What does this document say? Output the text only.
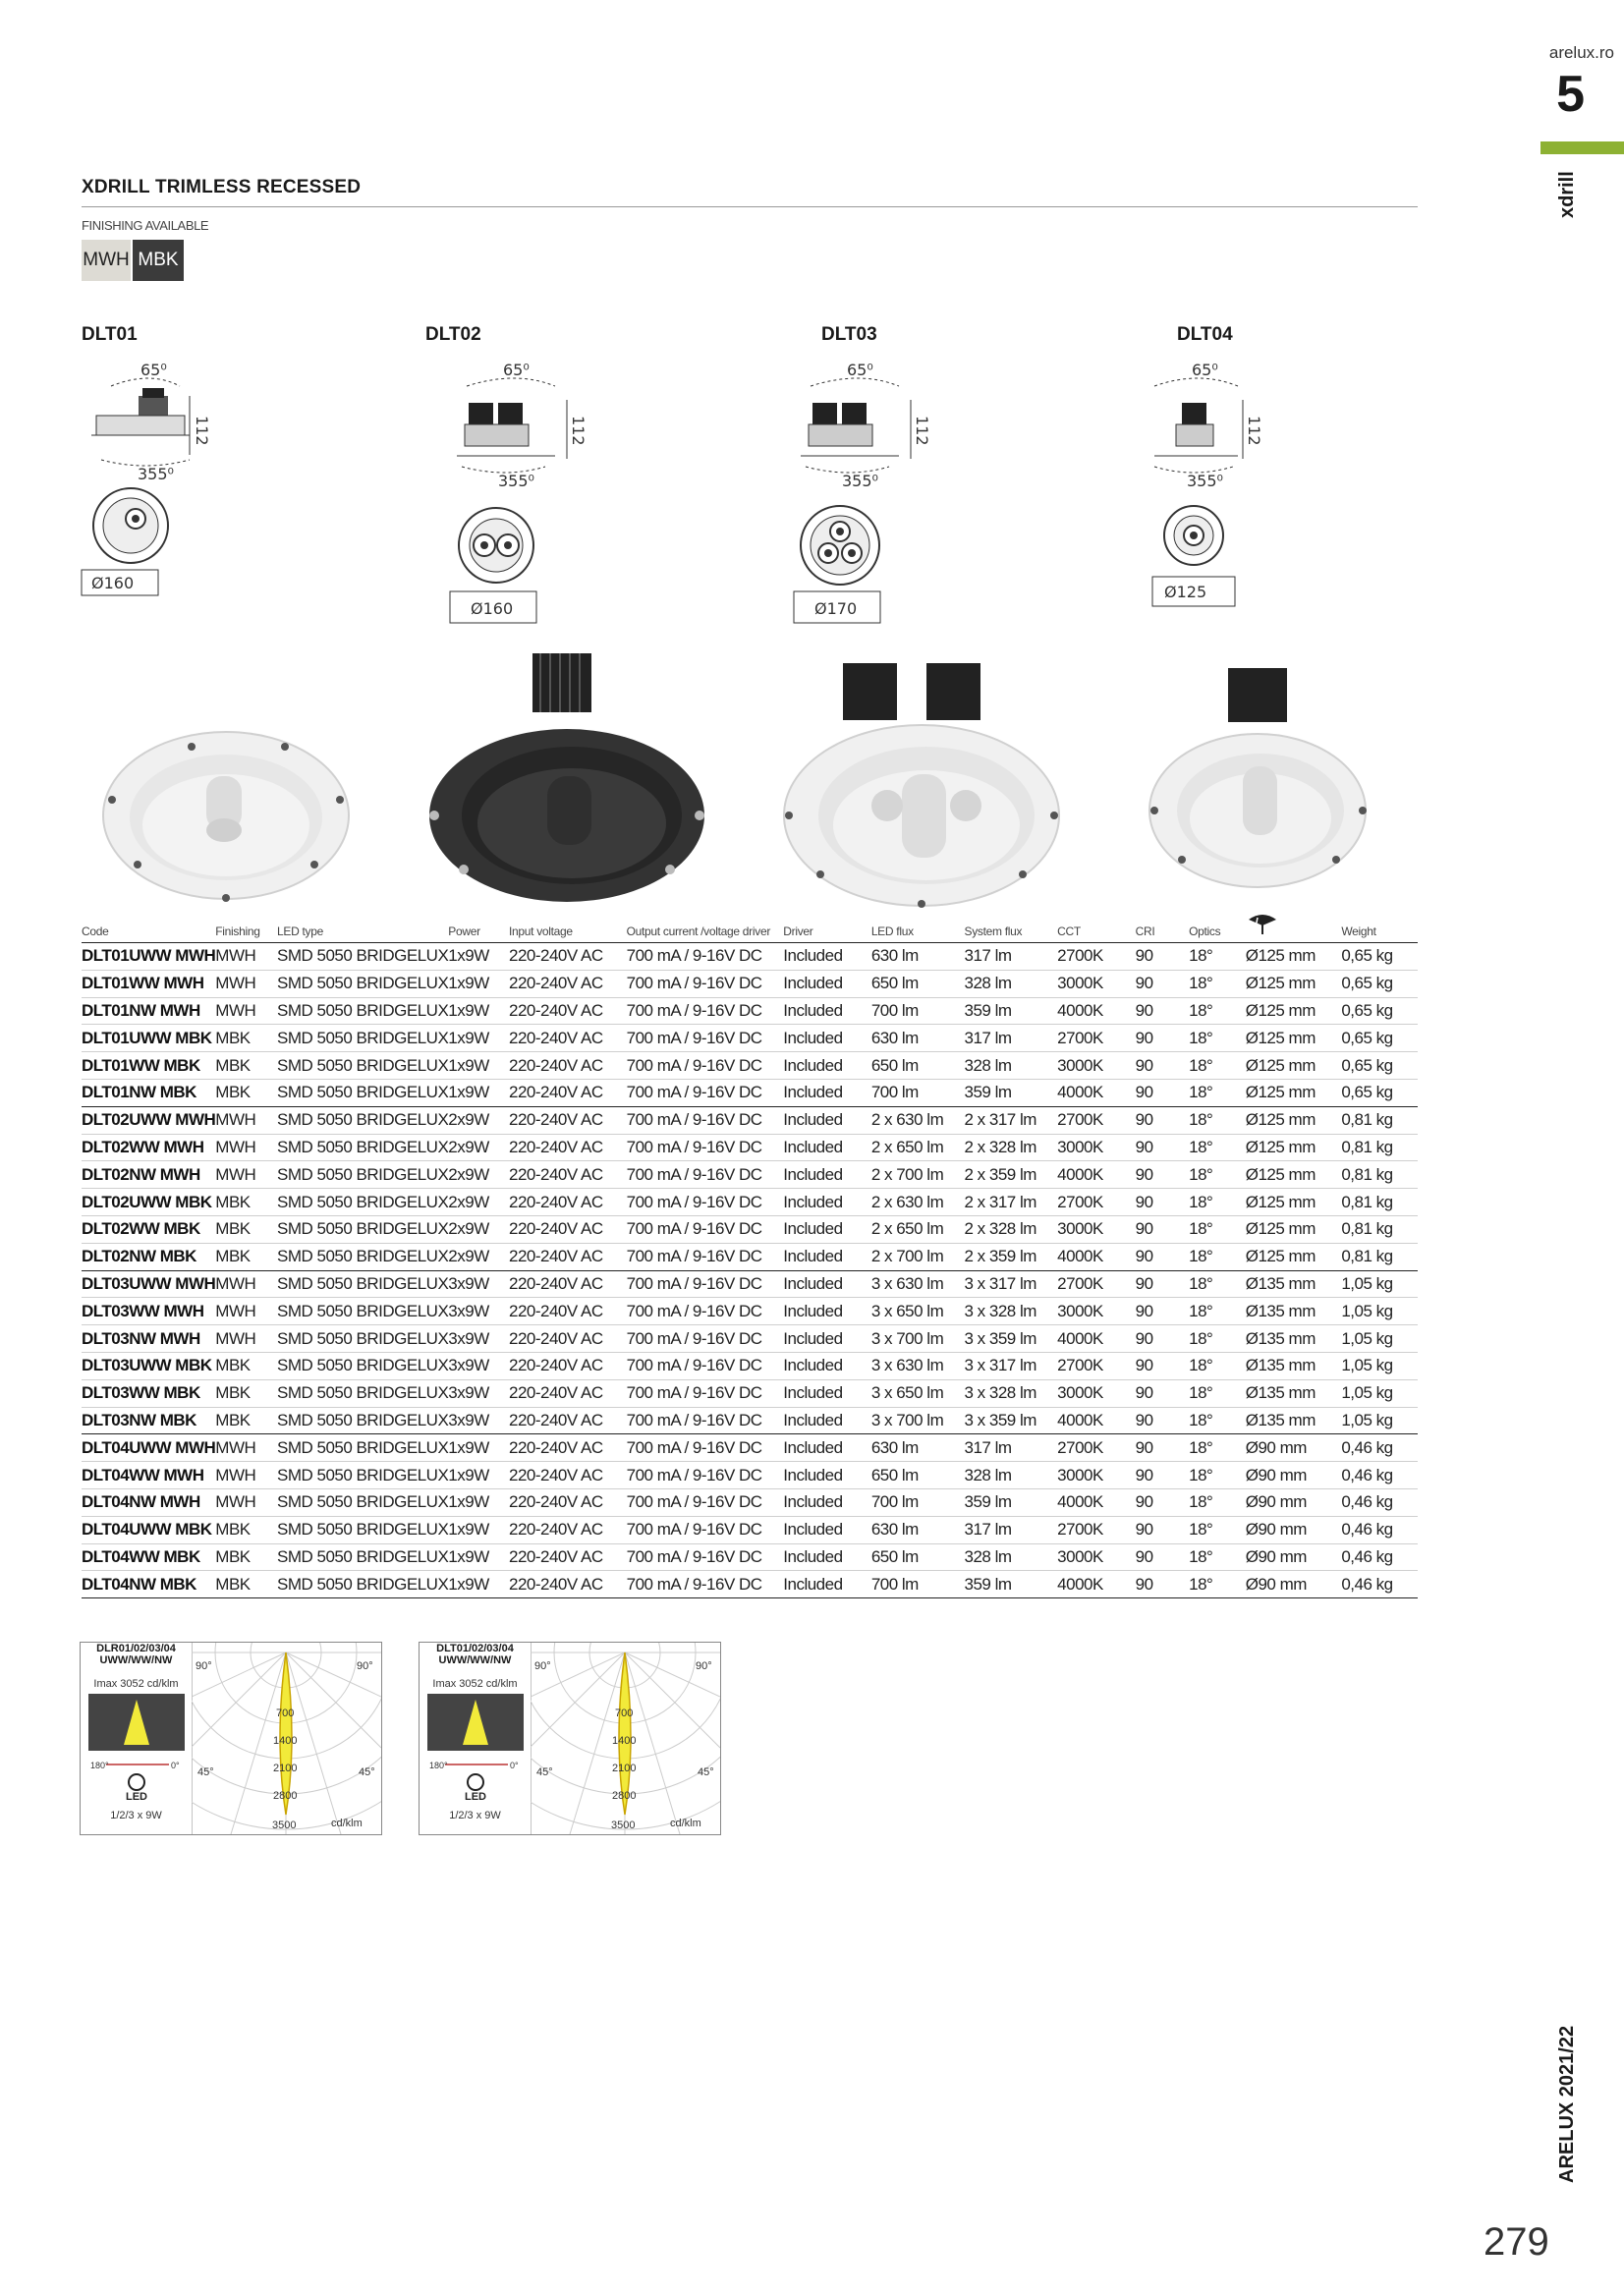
arelux.ro
5
xdrill
ARELUX 2021/22
279
XDRILL TRIMLESS RECESSED
FINISHING AVAILABLE
MWH MBK
DLT01	DLT02	DLT03	DLT04
65⁰
112
355⁰
Ø160
65⁰
112
355⁰
Ø160
65⁰
112
355⁰
Ø170
65⁰
112
355⁰
Ø125
Code	Finishing	LED type	Power	Input voltage	Output current /voltage driver	Driver	LED flux	System flux	CCT	CRI	Optics		Weight
DLT01UWW MWH	MWH	SMD 5050 BRIDGELUX	1x9W	220-240V AC	700 mA / 9-16V DC	Included	630 lm	317 lm	2700K	90	18°	Ø125 mm	0,65 kg
DLT01WW MWH	MWH	SMD 5050 BRIDGELUX	1x9W	220-240V AC	700 mA / 9-16V DC	Included	650 lm	328 lm	3000K	90	18°	Ø125 mm	0,65 kg
DLT01NW MWH	MWH	SMD 5050 BRIDGELUX	1x9W	220-240V AC	700 mA / 9-16V DC	Included	700 lm	359 lm	4000K	90	18°	Ø125 mm	0,65 kg
DLT01UWW MBK	MBK	SMD 5050 BRIDGELUX	1x9W	220-240V AC	700 mA / 9-16V DC	Included	630 lm	317 lm	2700K	90	18°	Ø125 mm	0,65 kg
DLT01WW MBK	MBK	SMD 5050 BRIDGELUX	1x9W	220-240V AC	700 mA / 9-16V DC	Included	650 lm	328 lm	3000K	90	18°	Ø125 mm	0,65 kg
DLT01NW MBK	MBK	SMD 5050 BRIDGELUX	1x9W	220-240V AC	700 mA / 9-16V DC	Included	700 lm	359 lm	4000K	90	18°	Ø125 mm	0,65 kg
DLT02UWW MWH	MWH	SMD 5050 BRIDGELUX	2x9W	220-240V AC	700 mA / 9-16V DC	Included	2 x 630 lm	2 x 317 lm	2700K	90	18°	Ø125 mm	0,81 kg
DLT02WW MWH	MWH	SMD 5050 BRIDGELUX	2x9W	220-240V AC	700 mA / 9-16V DC	Included	2 x 650 lm	2 x 328 lm	3000K	90	18°	Ø125 mm	0,81 kg
DLT02NW MWH	MWH	SMD 5050 BRIDGELUX	2x9W	220-240V AC	700 mA / 9-16V DC	Included	2 x 700 lm	2 x 359 lm	4000K	90	18°	Ø125 mm	0,81 kg
DLT02UWW MBK	MBK	SMD 5050 BRIDGELUX	2x9W	220-240V AC	700 mA / 9-16V DC	Included	2 x 630 lm	2 x 317 lm	2700K	90	18°	Ø125 mm	0,81 kg
DLT02WW MBK	MBK	SMD 5050 BRIDGELUX	2x9W	220-240V AC	700 mA / 9-16V DC	Included	2 x 650 lm	2 x 328 lm	3000K	90	18°	Ø125 mm	0,81 kg
DLT02NW MBK	MBK	SMD 5050 BRIDGELUX	2x9W	220-240V AC	700 mA / 9-16V DC	Included	2 x 700 lm	2 x 359 lm	4000K	90	18°	Ø125 mm	0,81 kg
DLT03UWW MWH	MWH	SMD 5050 BRIDGELUX	3x9W	220-240V AC	700 mA / 9-16V DC	Included	3 x 630 lm	3 x 317 lm	2700K	90	18°	Ø135 mm	1,05 kg
DLT03WW MWH	MWH	SMD 5050 BRIDGELUX	3x9W	220-240V AC	700 mA / 9-16V DC	Included	3 x 650 lm	3 x 328 lm	3000K	90	18°	Ø135 mm	1,05 kg
DLT03NW MWH	MWH	SMD 5050 BRIDGELUX	3x9W	220-240V AC	700 mA / 9-16V DC	Included	3 x 700 lm	3 x 359 lm	4000K	90	18°	Ø135 mm	1,05 kg
DLT03UWW MBK	MBK	SMD 5050 BRIDGELUX	3x9W	220-240V AC	700 mA / 9-16V DC	Included	3 x 630 lm	3 x 317 lm	2700K	90	18°	Ø135 mm	1,05 kg
DLT03WW MBK	MBK	SMD 5050 BRIDGELUX	3x9W	220-240V AC	700 mA / 9-16V DC	Included	3 x 650 lm	3 x 328 lm	3000K	90	18°	Ø135 mm	1,05 kg
DLT03NW MBK	MBK	SMD 5050 BRIDGELUX	3x9W	220-240V AC	700 mA / 9-16V DC	Included	3 x 700 lm	3 x 359 lm	4000K	90	18°	Ø135 mm	1,05 kg
DLT04UWW MWH	MWH	SMD 5050 BRIDGELUX	1x9W	220-240V AC	700 mA / 9-16V DC	Included	630 lm	317 lm	2700K	90	18°	Ø90 mm	0,46 kg
DLT04WW MWH	MWH	SMD 5050 BRIDGELUX	1x9W	220-240V AC	700 mA / 9-16V DC	Included	650 lm	328 lm	3000K	90	18°	Ø90 mm	0,46 kg
DLT04NW MWH	MWH	SMD 5050 BRIDGELUX	1x9W	220-240V AC	700 mA / 9-16V DC	Included	700 lm	359 lm	4000K	90	18°	Ø90 mm	0,46 kg
DLT04UWW MBK	MBK	SMD 5050 BRIDGELUX	1x9W	220-240V AC	700 mA / 9-16V DC	Included	630 lm	317 lm	2700K	90	18°	Ø90 mm	0,46 kg
DLT04WW MBK	MBK	SMD 5050 BRIDGELUX	1x9W	220-240V AC	700 mA / 9-16V DC	Included	650 lm	328 lm	3000K	90	18°	Ø90 mm	0,46 kg
DLT04NW MBK	MBK	SMD 5050 BRIDGELUX	1x9W	220-240V AC	700 mA / 9-16V DC	Included	700 lm	359 lm	4000K	90	18°	Ø90 mm	0,46 kg
DLR01/02/03/04
UWW/WW/NW
Imax 3052 cd/klm
180°	0°
LED
1/2/3 x 9W
90°	90°
45°	45°
700
1400
2100
2800
3500	cd/klm
DLT01/02/03/04
UWW/WW/NW
Imax 3052 cd/klm
180°	0°
LED
1/2/3 x 9W
90°	90°
45°	45°
700
1400
2100
2800
3500	cd/klm
